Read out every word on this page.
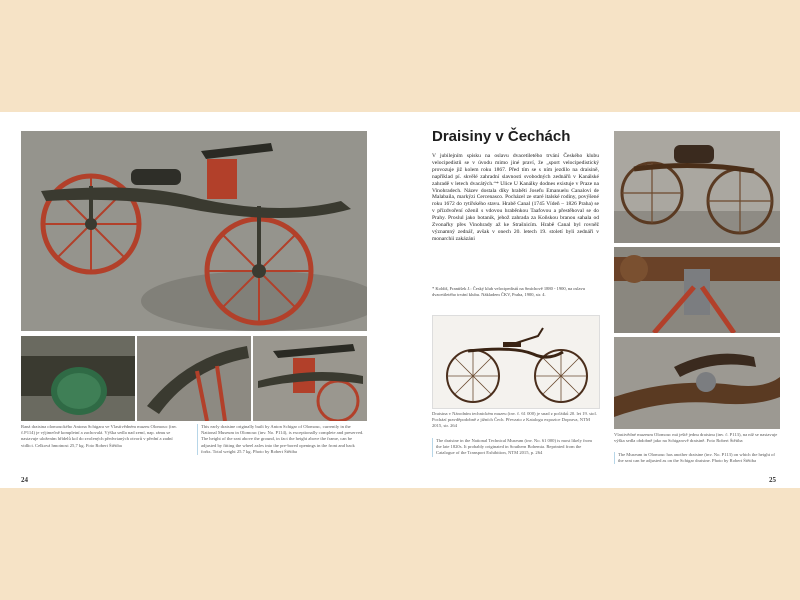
Raná draisina olomouckého Antona Schigara ve Vlastivědném muzeu Olomouc (inv. č.P114) je výjimečně kompletní a zachovalá. Výška sedla nad zemí, nap. rámu se nastavuje uložením hřídelů kol do zvolených předvrtaných otvorů v přední a zadní vidlici. Celková hmotnost 25,7 kg. Foto Robert Štětiba
This early draisine originally built by Anton Schigar of Olomouc, currently in the National Museum in Olomouc (inv. No. P114), is exceptionally complete and preserved. The height of the seat above the ground, in fact the height above the frame, can be adjusted by fitting the wheel axles into the pre-bored openings in the front and back forks. Total weight 25.7 kg. Photo by Robert Štětiba
24
Draisiny v Čechách

V jubilejním spisku na oslavu dvacetiletého trvání Českého klubu velocipedistů se v úvodu mimo jiné praví, že „sport velocipedistický provozuje již kolem roku 1867. Před tím se s ním jezdilo na draisině, například pí. skvělé zahradní slavnosti svobodných zednářů v Kanálské zahradě v letech dvacátých.“* Ulice U Kanálky dodnes existuje v Praze na Vinohradech. Název dostala díky hraběti Josefu Emanuelu Canalovi de Malabaila, markýzi Cercenasco. Pocházel ze staré italské rodiny, povýšené roku 1672 do rytířského stavu. Hrabě Canal (1745 Vídeň – 1826 Praha) se v přízdvoření oženil s vdovou hraběnkou Taafovou a přestěhoval se do Prahy. Proslul jako botanik, jehož zahrada za Koňskou branou sahala od Zvonařky přes Vinohrady až ke Strašnicím. Hrabě Canal byl rovněž významný zednář, avšak v onech 20. letech 19. století byli zednáři v monarchii zakázáni

* Koldiš, František J.: Český klub velocipedistů na Smíchově 1880 - 1900, na oslavu dvacetiletého trvání klubu. Nákladem ČKV, Praha, 1900, str. 4.

Draisina v Národním technickém muzeu (inv. č. 61 000) je snad z počátků 20. let 19. stol. Pochází pravděpodobně z jižních Čech. Převzato z Katalogu expozice Doprava, NTM 2015, str. 264
The draisine in the National Technical Museum (inv. No. 61 000) is most likely from the late 1820s. It probably originated in Southern Bohemia. Reprinted from the Catalogue of the Transport Exhibition, NTM 2015, p. 264
Vlastivědné muzeum Olomouc má ještě jednu draisinu (inv. č. P113), na níž se nastavuje výška sedla obdobně jako na Schigarově draisině. Foto Robert Štětiba
The Museum in Olomouc has another draisine (inv. No. P113) on which the height of the seat can be adjusted as on the Schigar draisine. Photo by Robert Štětiba
25
